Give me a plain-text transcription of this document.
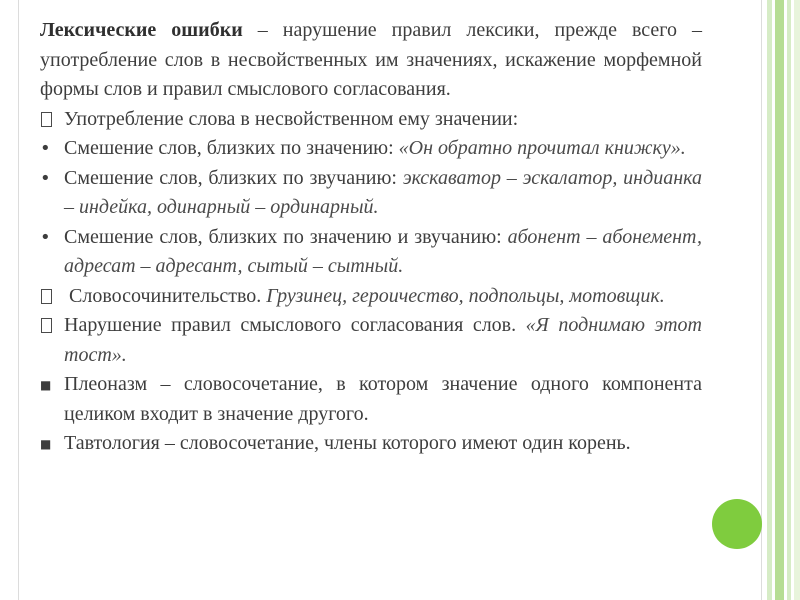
Лексические ошибки – нарушение правил лексики, прежде всего – употребление слов в несвойственных им значениях, искажение морфемной формы слов и правил смыслового согласования.

Употребление слова в несвойственном ему значении:
• Смешение слов, близких по значению: «Он обратно прочитал книжку».
• Смешение слов, близких по звучанию: экскаватор – эскалатор, индианка – индейка, одинарный – ординарный.
• Смешение слов, близких по значению и звучанию: абонент – абонемент, адресат – адресант, сытый – сытный.
Словосочинительство. Грузинец, героичество, подпольцы, мотовщик.
Нарушение правил смыслового согласования слов. «Я поднимаю этот тост».
■ Плеоназм – словосочетание, в котором значение одного компонента целиком входит в значение другого.
■ Тавтология – словосочетание, члены которого имеют один корень.
